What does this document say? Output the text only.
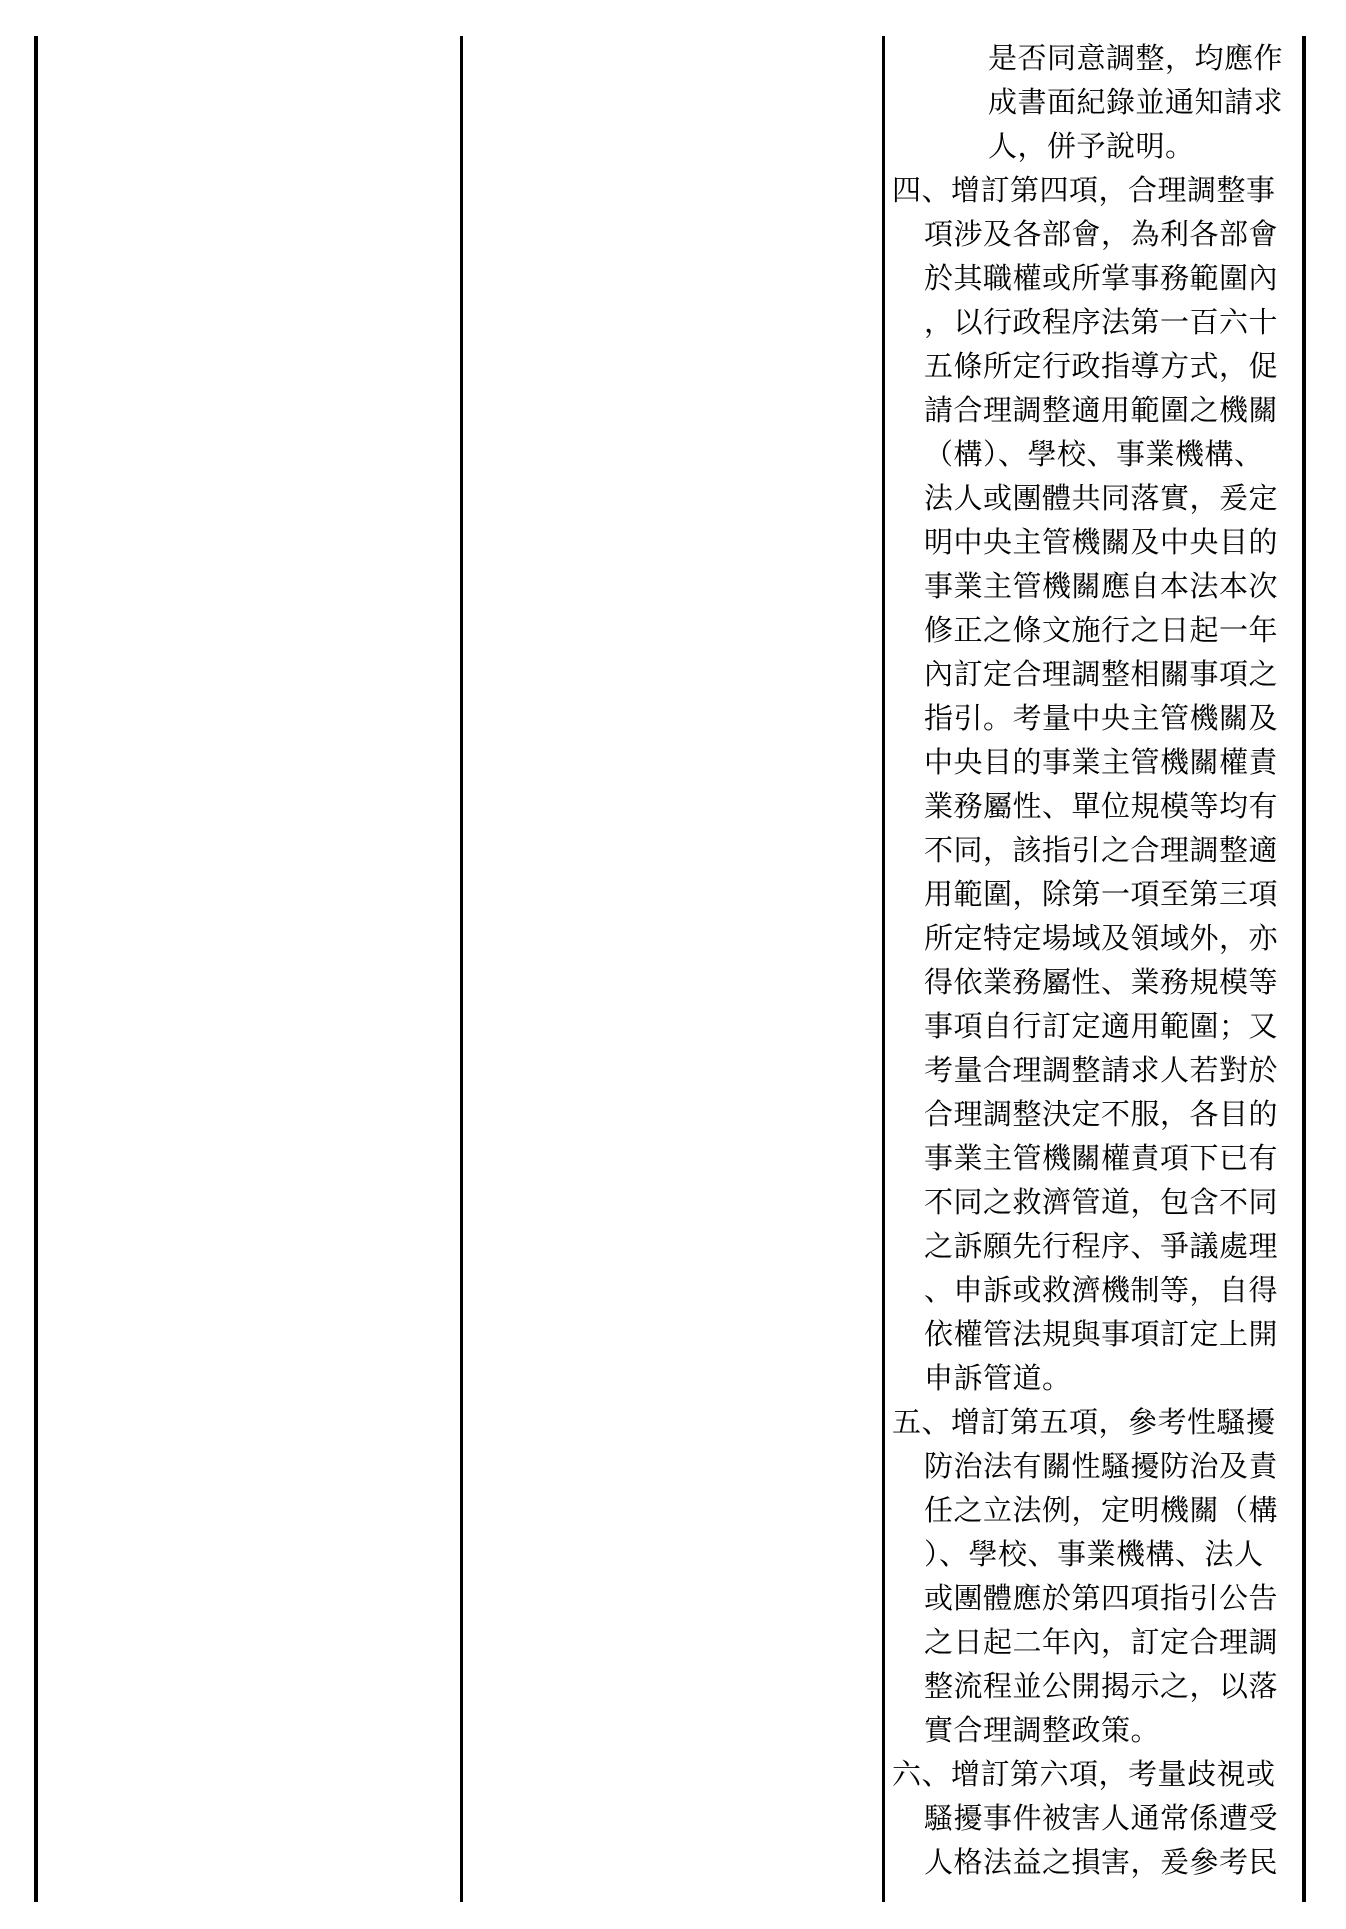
是否同意調整，均應作
成書面紀錄並通知請求
人，併予說明。
四、增訂第四項，合理調整事
項涉及各部會，為利各部會
於其職權或所掌事務範圍內
，以行政程序法第一百六十
五條所定行政指導方式，促
請合理調整適用範圍之機關
（構）、學校、事業機構、
法人或團體共同落實，爰定
明中央主管機關及中央目的
事業主管機關應自本法本次
修正之條文施行之日起一年
內訂定合理調整相關事項之
指引。考量中央主管機關及
中央目的事業主管機關權責
業務屬性、單位規模等均有
不同，該指引之合理調整適
用範圍，除第一項至第三項
所定特定場域及領域外，亦
得依業務屬性、業務規模等
事項自行訂定適用範圍；又
考量合理調整請求人若對於
合理調整決定不服，各目的
事業主管機關權責項下已有
不同之救濟管道，包含不同
之訴願先行程序、爭議處理
、申訴或救濟機制等，自得
依權管法規與事項訂定上開
申訴管道。
五、增訂第五項，參考性騷擾
防治法有關性騷擾防治及責
任之立法例，定明機關（構
）、學校、事業機構、法人
或團體應於第四項指引公告
之日起二年內，訂定合理調
整流程並公開揭示之，以落
實合理調整政策。
六、增訂第六項，考量歧視或
騷擾事件被害人通常係遭受
人格法益之損害，爰參考民
